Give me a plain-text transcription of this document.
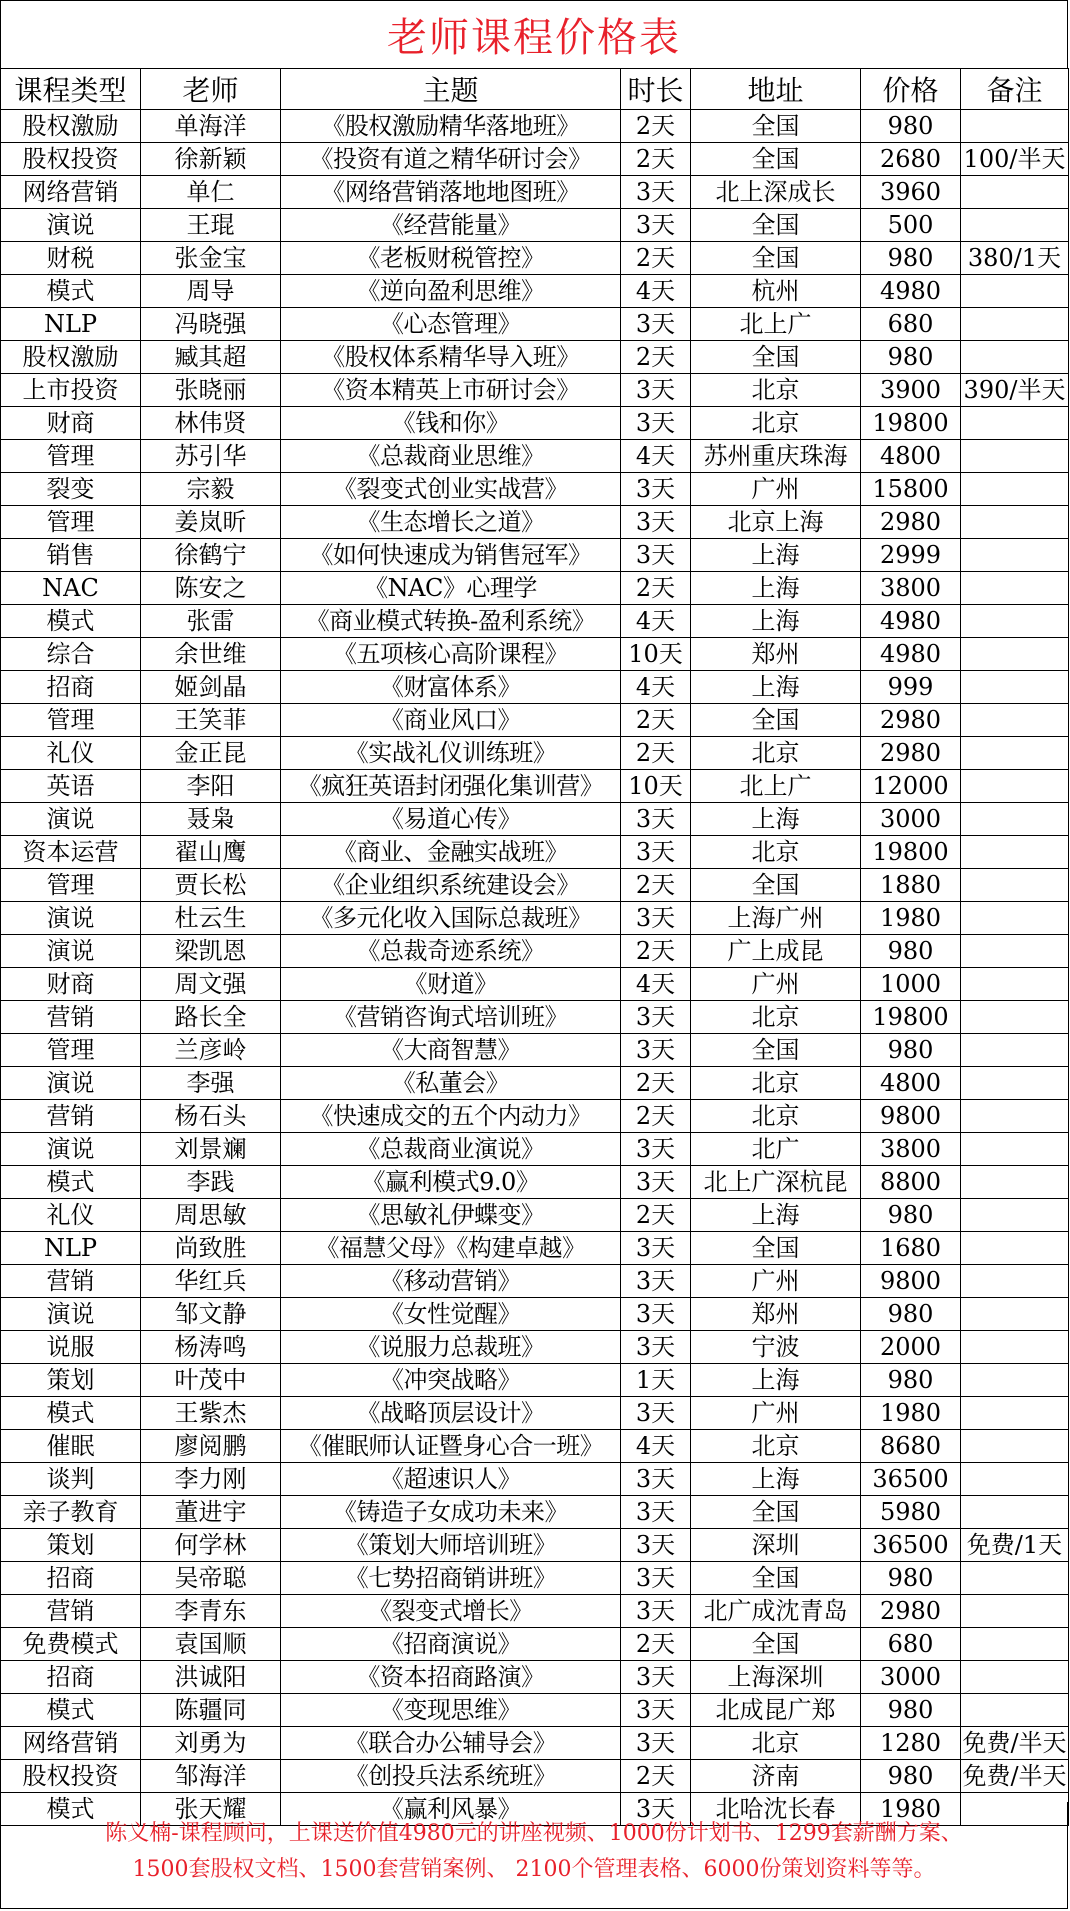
老师课程价格表
课程类型	老师	主题	时长	地址	价格	备注
股权激励	单海洋	《股权激励精华落地班》	2天	全国	980	
股权投资	徐新颖	《投资有道之精华研讨会》	2天	全国	2680	100/半天
网络营销	单仁	《网络营销落地地图班》	3天	北上深成长	3960	
演说	王琨	《经营能量》	3天	全国	500	
财税	张金宝	《老板财税管控》	2天	全国	980	380/1天
模式	周导	《逆向盈利思维》	4天	杭州	4980	
NLP	冯晓强	《心态管理》	3天	北上广	680	
股权激励	臧其超	《股权体系精华导入班》	2天	全国	980	
上市投资	张晓丽	《资本精英上市研讨会》	3天	北京	3900	390/半天
财商	林伟贤	《钱和你》	3天	北京	19800	
管理	苏引华	《总裁商业思维》	4天	苏州重庆珠海	4800	
裂变	宗毅	《裂变式创业实战营》	3天	广州	15800	
管理	姜岚昕	《生态增长之道》	3天	北京上海	2980	
销售	徐鹤宁	《如何快速成为销售冠军》	3天	上海	2999	
NAC	陈安之	《NAC》心理学	2天	上海	3800	
模式	张雷	《商业模式转换-盈利系统》	4天	上海	4980	
综合	余世维	《五项核心高阶课程》	10天	郑州	4980	
招商	姬剑晶	《财富体系》	4天	上海	999	
管理	王笑菲	《商业风口》	2天	全国	2980	
礼仪	金正昆	《实战礼仪训练班》	2天	北京	2980	
英语	李阳	《疯狂英语封闭强化集训营》	10天	北上广	12000	
演说	聂枭	《易道心传》	3天	上海	3000	
资本运营	翟山鹰	《商业、金融实战班》	3天	北京	19800	
管理	贾长松	《企业组织系统建设会》	2天	全国	1880	
演说	杜云生	《多元化收入国际总裁班》	3天	上海广州	1980	
演说	梁凯恩	《总裁奇迹系统》	2天	广上成昆	980	
财商	周文强	《财道》	4天	广州	1000	
营销	路长全	《营销咨询式培训班》	3天	北京	19800	
管理	兰彦岭	《大商智慧》	3天	全国	980	
演说	李强	《私董会》	2天	北京	4800	
营销	杨石头	《快速成交的五个内动力》	2天	北京	9800	
演说	刘景斓	《总裁商业演说》	3天	北广	3800	
模式	李践	《赢利模式9.0》	3天	北上广深杭昆	8800	
礼仪	周思敏	《思敏礼伊蝶变》	2天	上海	980	
NLP	尚致胜	《福慧父母》《构建卓越》	3天	全国	1680	
营销	华红兵	《移动营销》	3天	广州	9800	
演说	邹文静	《女性觉醒》	3天	郑州	980	
说服	杨涛鸣	《说服力总裁班》	3天	宁波	2000	
策划	叶茂中	《冲突战略》	1天	上海	980	
模式	王紫杰	《战略顶层设计》	3天	广州	1980	
催眠	廖阅鹏	《催眠师认证暨身心合一班》	4天	北京	8680	
谈判	李力刚	《超速识人》	3天	上海	36500	
亲子教育	董进宇	《铸造子女成功未来》	3天	全国	5980	
策划	何学林	《策划大师培训班》	3天	深圳	36500	免费/1天
招商	吴帝聪	《七势招商销讲班》	3天	全国	980	
营销	李青东	《裂变式增长》	3天	北广成沈青岛	2980	
免费模式	袁国顺	《招商演说》	2天	全国	680	
招商	洪诚阳	《资本招商路演》	3天	上海深圳	3000	
模式	陈疆同	《变现思维》	3天	北成昆广郑	980	
网络营销	刘勇为	《联合办公辅导会》	3天	北京	1280	免费/半天
股权投资	邹海洋	《创投兵法系统班》	2天	济南	980	免费/半天
模式	张天耀	《赢利风暴》	3天	北哈沈长春	1980	
陈义楠-课程顾问，上课送价值4980元的讲座视频、1000份计划书、1299套薪酬方案、
1500套股权文档、1500套营销案例、 2100个管理表格、6000份策划资料等等。
